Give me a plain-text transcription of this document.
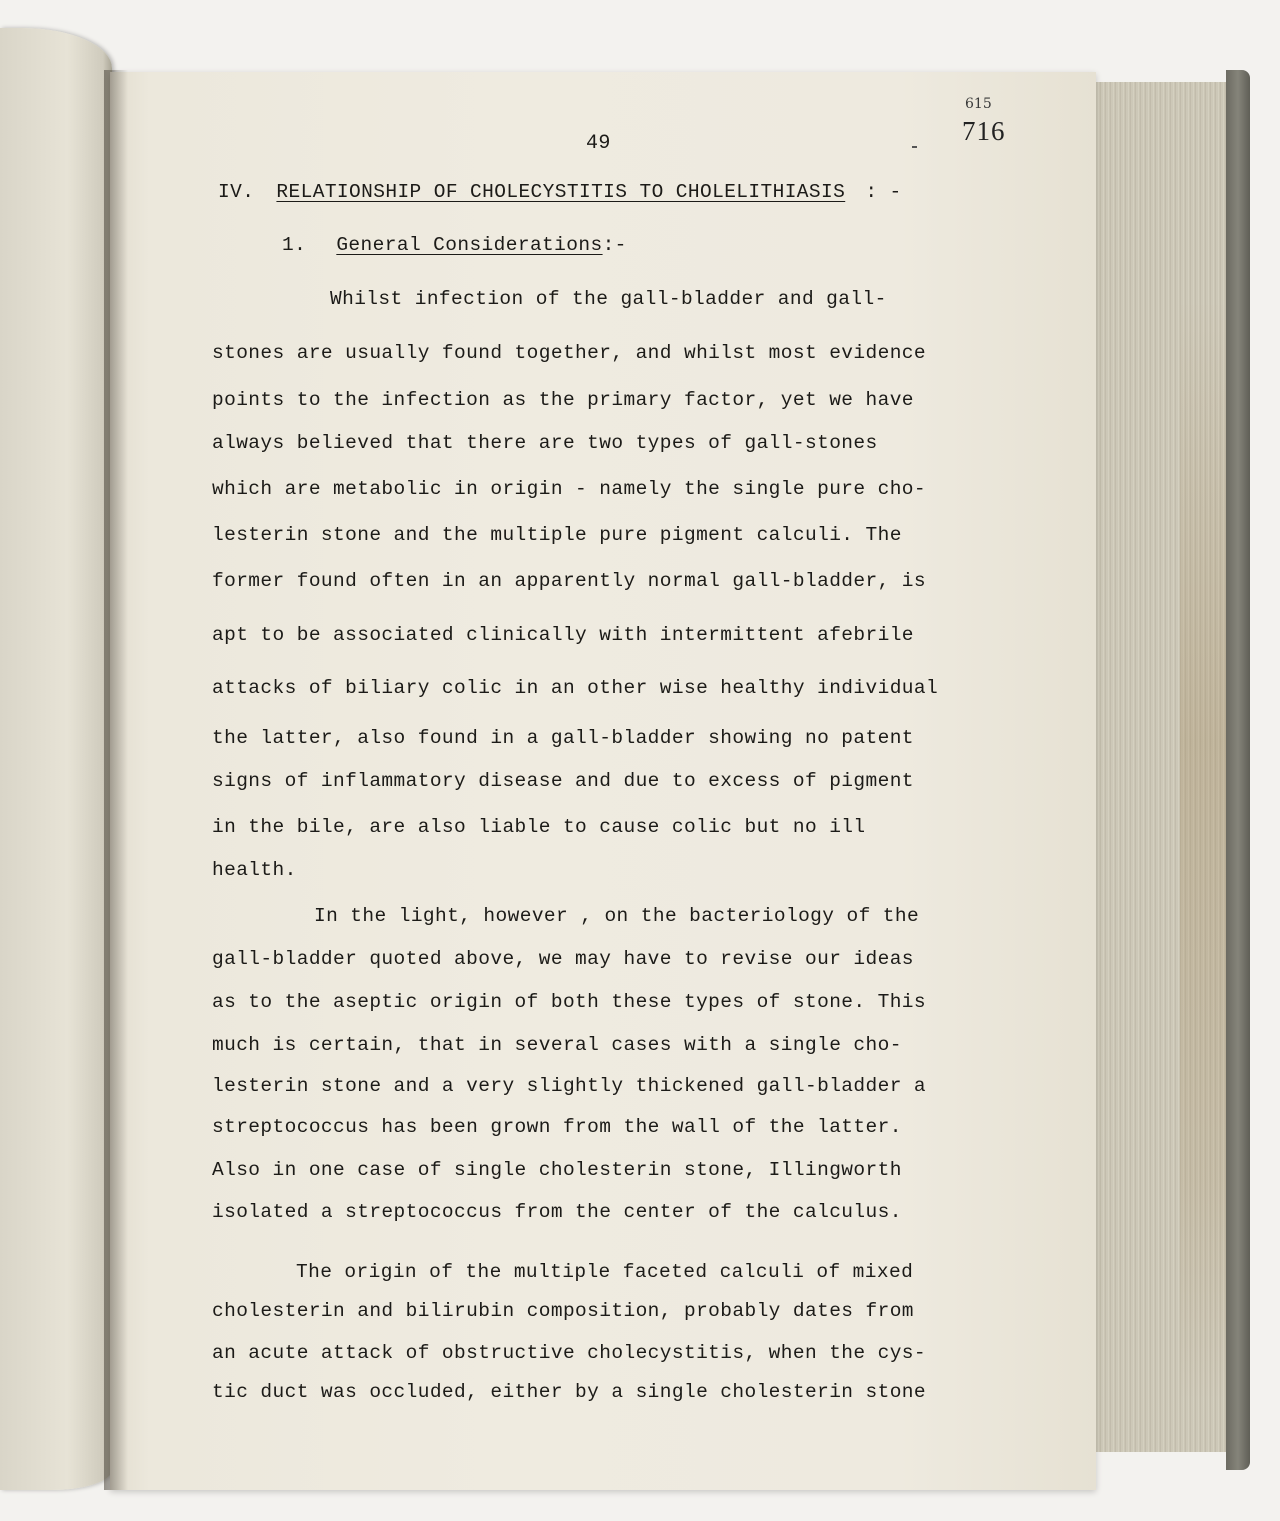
49
615
716
IV. RELATIONSHIP OF CHOLECYSTITIS TO CHOLELITHIASIS : -
1. General Considerations:-
Whilst infection of the gall-bladder and gall-
stones are usually found together, and whilst most evidence
points to the infection as the primary factor, yet we have
always believed that there are two types of gall-stones
which are metabolic in origin - namely the single pure cho-
lesterin stone and the multiple pure pigment calculi. The
former found often in an apparently normal gall-bladder, is
apt to be associated clinically with intermittent afebrile
attacks of biliary colic in an other wise healthy individual
the latter, also found in a gall-bladder showing no patent
signs of inflammatory disease and due to excess of pigment
in the bile, are also liable to cause colic but no ill
health.
In the light, however , on the bacteriology of the
gall-bladder quoted above, we may have to revise our ideas
as to the aseptic origin of both these types of stone. This
much is certain, that in several cases with a single cho-
lesterin stone and a very slightly thickened gall-bladder a
streptococcus has been grown from the wall of the latter.
Also in one case of single cholesterin stone, Illingworth
isolated a streptococcus from the center of the calculus.
The origin of the multiple faceted calculi of mixed
cholesterin and bilirubin composition, probably dates from
an acute attack of obstructive cholecystitis, when the cys-
tic duct was occluded, either by a single cholesterin stone
